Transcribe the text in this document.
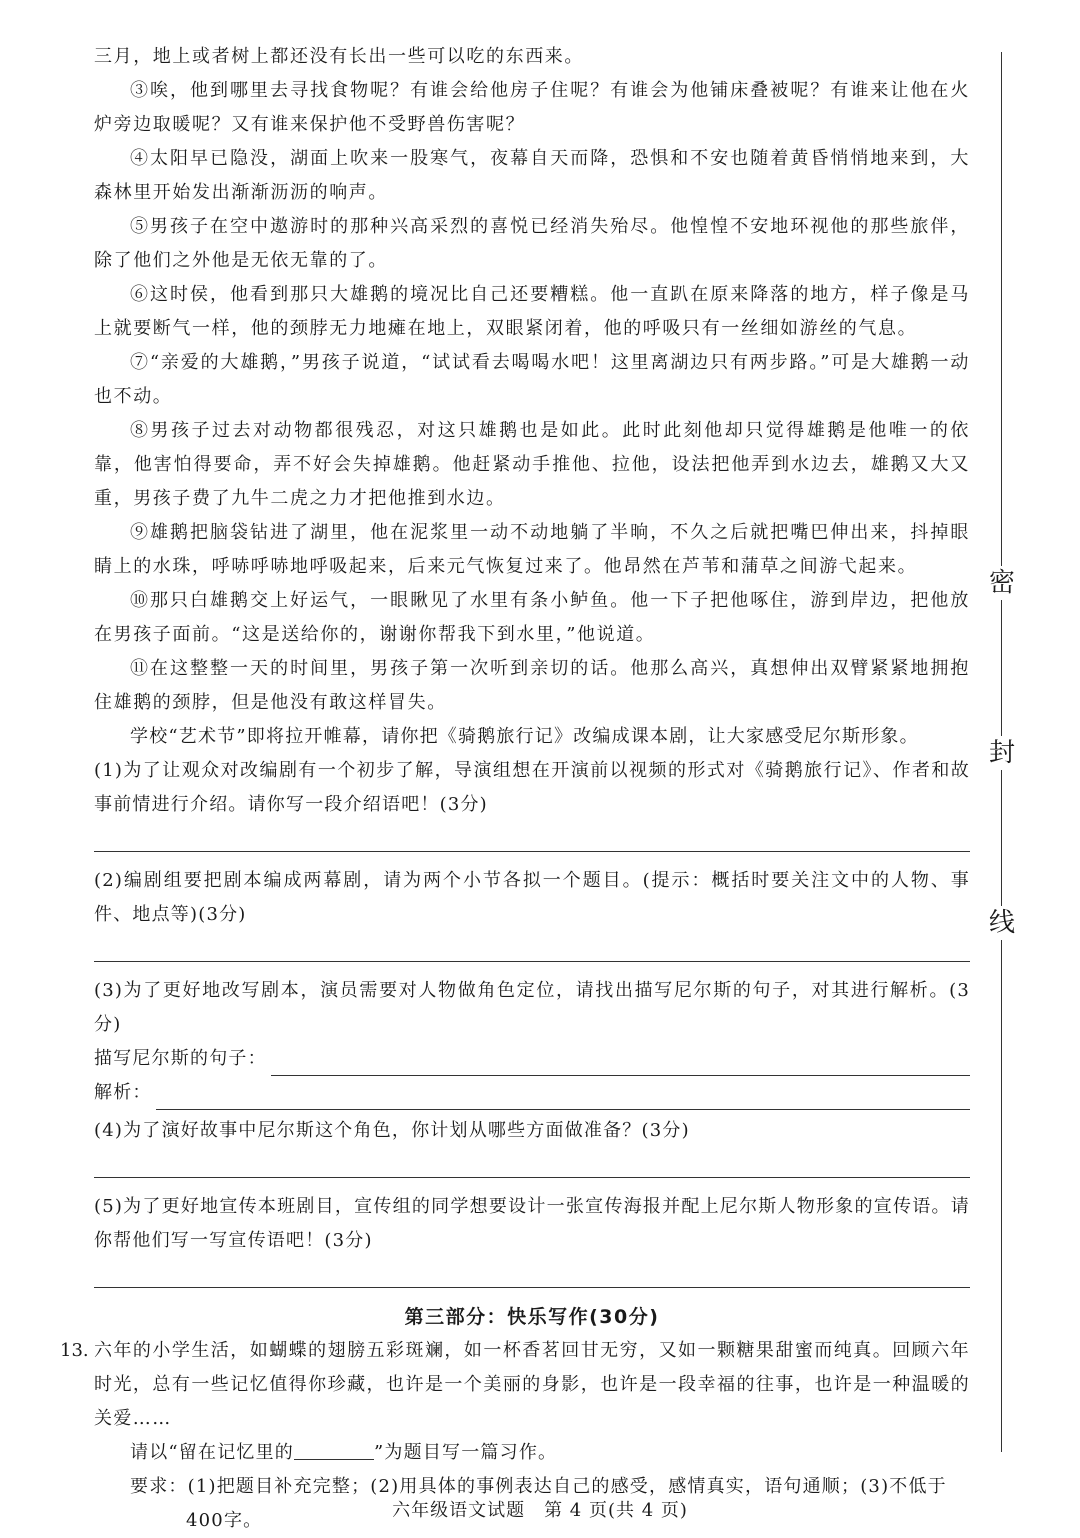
三月，地上或者树上都还没有长出一些可以吃的东西来。

③唉，他到哪里去寻找食物呢？有谁会给他房子住呢？有谁会为他铺床叠被呢？有谁来让他在火炉旁边取暖呢？又有谁来保护他不受野兽伤害呢？

④太阳早已隐没，湖面上吹来一股寒气，夜幕自天而降，恐惧和不安也随着黄昏悄悄地来到，大森林里开始发出渐渐沥沥的响声。

⑤男孩子在空中遨游时的那种兴高采烈的喜悦已经消失殆尽。他惶惶不安地环视他的那些旅伴，除了他们之外他是无依无靠的了。

⑥这时侯，他看到那只大雄鹅的境况比自己还要糟糕。他一直趴在原来降落的地方，样子像是马上就要断气一样，他的颈脖无力地瘫在地上，双眼紧闭着，他的呼吸只有一丝细如游丝的气息。

⑦“亲爱的大雄鹅，”男孩子说道，“试试看去喝喝水吧！这里离湖边只有两步路。”可是大雄鹅一动也不动。

⑧男孩子过去对动物都很残忍，对这只雄鹅也是如此。此时此刻他却只觉得雄鹅是他唯一的依靠，他害怕得要命，弄不好会失掉雄鹅。他赶紧动手推他、拉他，设法把他弄到水边去，雄鹅又大又重，男孩子费了九牛二虎之力才把他推到水边。

⑨雄鹅把脑袋钻进了湖里，他在泥浆里一动不动地躺了半晌，不久之后就把嘴巴伸出来，抖掉眼睛上的水珠，呼哧呼哧地呼吸起来，后来元气恢复过来了。他昂然在芦苇和蒲草之间游弋起来。

⑩那只白雄鹅交上好运气，一眼瞅见了水里有条小鲈鱼。他一下子把他啄住，游到岸边，把他放在男孩子面前。“这是送给你的，谢谢你帮我下到水里，”他说道。

⑪在这整整一天的时间里，男孩子第一次听到亲切的话。他那么高兴，真想伸出双臂紧紧地拥抱住雄鹅的颈脖，但是他没有敢这样冒失。

学校“艺术节”即将拉开帷幕，请你把《骑鹅旅行记》改编成课本剧，让大家感受尼尔斯形象。

(1)为了让观众对改编剧有一个初步了解，导演组想在开演前以视频的形式对《骑鹅旅行记》、作者和故事前情进行介绍。请你写一段介绍语吧！(3分)

(2)编剧组要把剧本编成两幕剧，请为两个小节各拟一个题目。(提示：概括时要关注文中的人物、事件、地点等)(3分)

(3)为了更好地改写剧本，演员需要对人物做角色定位，请找出描写尼尔斯的句子，对其进行解析。(3分)

描写尼尔斯的句子：
解析：

(4)为了演好故事中尼尔斯这个角色，你计划从哪些方面做准备？(3分)

(5)为了更好地宣传本班剧目，宣传组的同学想要设计一张宣传海报并配上尼尔斯人物形象的宣传语。请你帮他们写一写宣传语吧！(3分)

第三部分：快乐写作(30分)
13. 六年的小学生活，如蝴蝶的翅膀五彩斑斓，如一杯香茗回甘无穷，又如一颗糖果甜蜜而纯真。回顾六年时光，总有一些记忆值得你珍藏，也许是一个美丽的身影，也许是一段幸福的往事，也许是一种温暖的关爱……
请以“留在记忆里的	”为题目写一篇习作。
要求：(1)把题目补充完整；(2)用具体的事例表达自己的感受，感情真实，语句通顺；(3)不低于
400字。
密
封
线
六年级语文试题　第 4 页(共 4 页)
